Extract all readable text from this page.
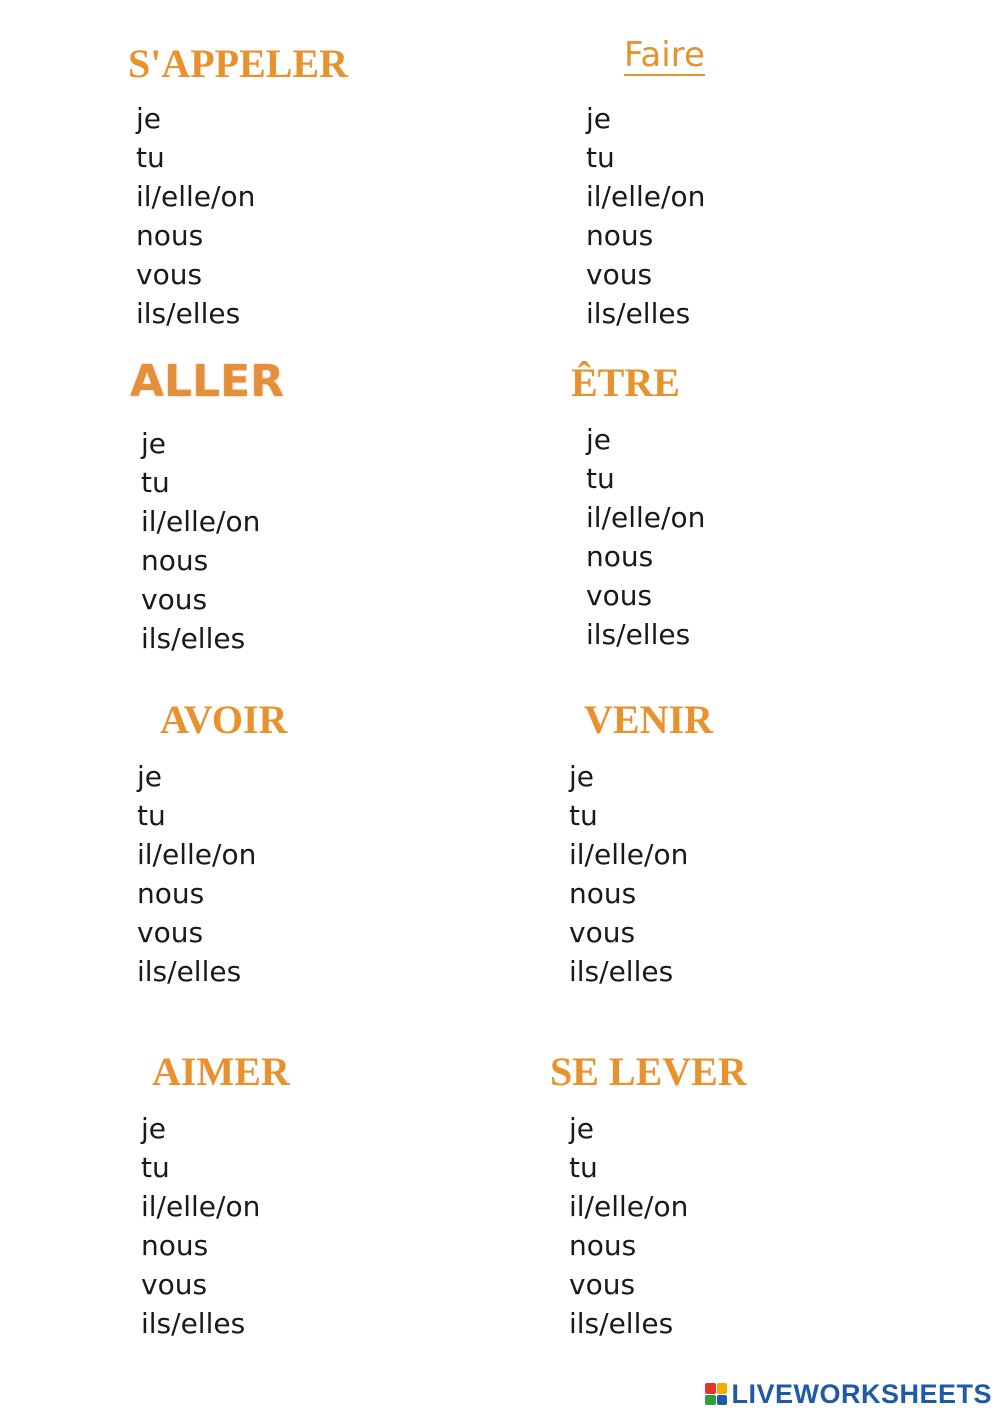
S'APPELER
je
tu
il/elle/on
nous
vous
ils/elles
Faire
je
tu
il/elle/on
nous
vous
ils/elles
ALLER
je
tu
il/elle/on
nous
vous
ils/elles
ÊTRE
je
tu
il/elle/on
nous
vous
ils/elles
AVOIR
je
tu
il/elle/on
nous
vous
ils/elles
VENIR
je
tu
il/elle/on
nous
vous
ils/elles
AIMER
je
tu
il/elle/on
nous
vous
ils/elles
SE LEVER
je
tu
il/elle/on
nous
vous
ils/elles
LIVEWORKSHEETS
